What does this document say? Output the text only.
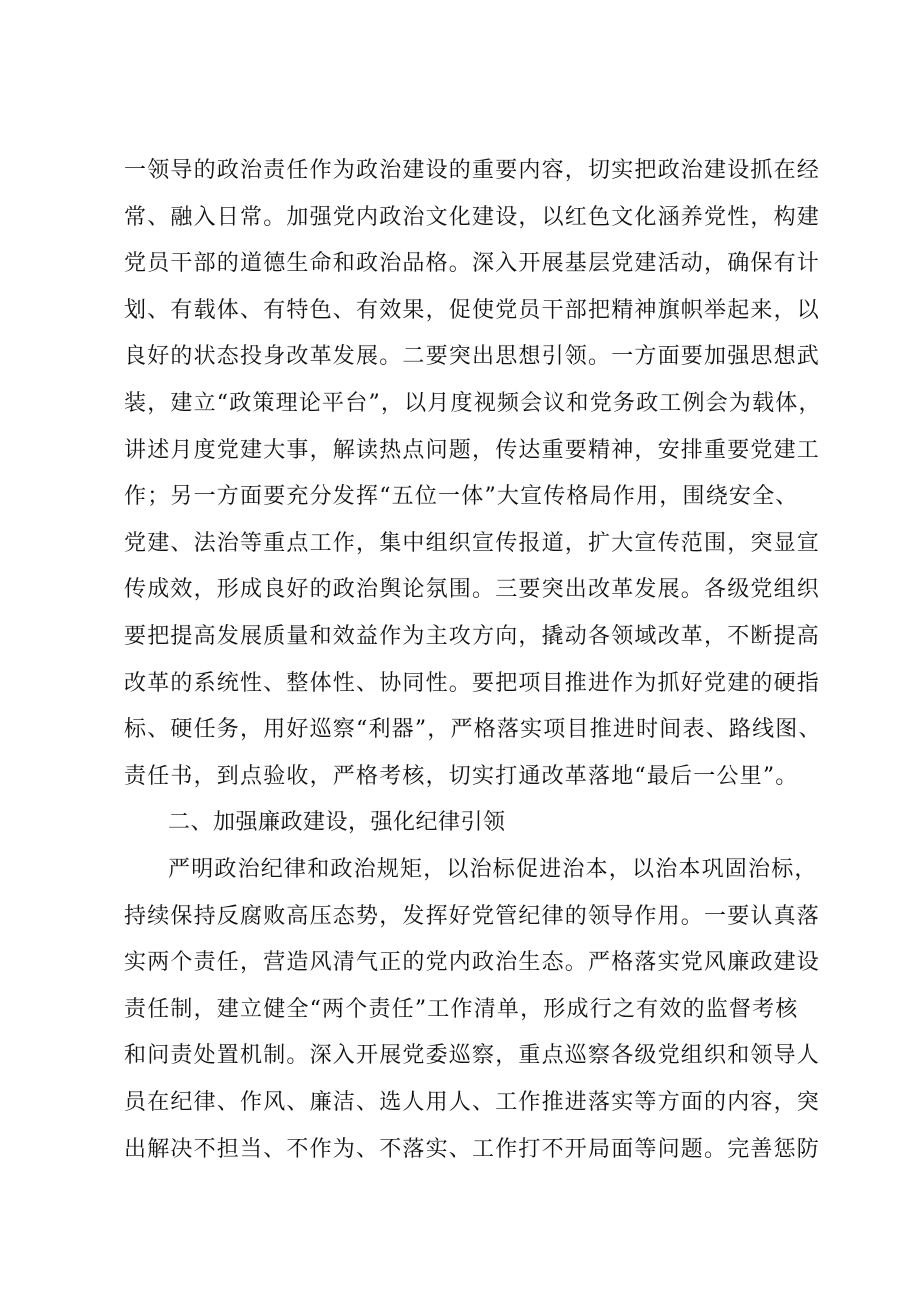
一领导的政治责任作为政治建设的重要内容，切实把政治建设抓在经
常、融入日常。加强党内政治文化建设，以红色文化涵养党性，构建
党员干部的道德生命和政治品格。深入开展基层党建活动，确保有计
划、有载体、有特色、有效果，促使党员干部把精神旗帜举起来，以
良好的状态投身改革发展。二要突出思想引领。一方面要加强思想武
装，建立“政策理论平台”，以月度视频会议和党务政工例会为载体，
讲述月度党建大事，解读热点问题，传达重要精神，安排重要党建工
作；另一方面要充分发挥“五位一体”大宣传格局作用，围绕安全、
党建、法治等重点工作，集中组织宣传报道，扩大宣传范围，突显宣
传成效，形成良好的政治舆论氛围。三要突出改革发展。各级党组织
要把提高发展质量和效益作为主攻方向，撬动各领域改革，不断提高
改革的系统性、整体性、协同性。要把项目推进作为抓好党建的硬指
标、硬任务，用好巡察“利器”，严格落实项目推进时间表、路线图、
责任书，到点验收，严格考核，切实打通改革落地“最后一公里”。
二、加强廉政建设，强化纪律引领
严明政治纪律和政治规矩，以治标促进治本，以治本巩固治标，
持续保持反腐败高压态势，发挥好党管纪律的领导作用。一要认真落
实两个责任，营造风清气正的党内政治生态。严格落实党风廉政建设
责任制，建立健全“两个责任”工作清单，形成行之有效的监督考核
和问责处置机制。深入开展党委巡察，重点巡察各级党组织和领导人
员在纪律、作风、廉洁、选人用人、工作推进落实等方面的内容，突
出解决不担当、不作为、不落实、工作打不开局面等问题。完善惩防
